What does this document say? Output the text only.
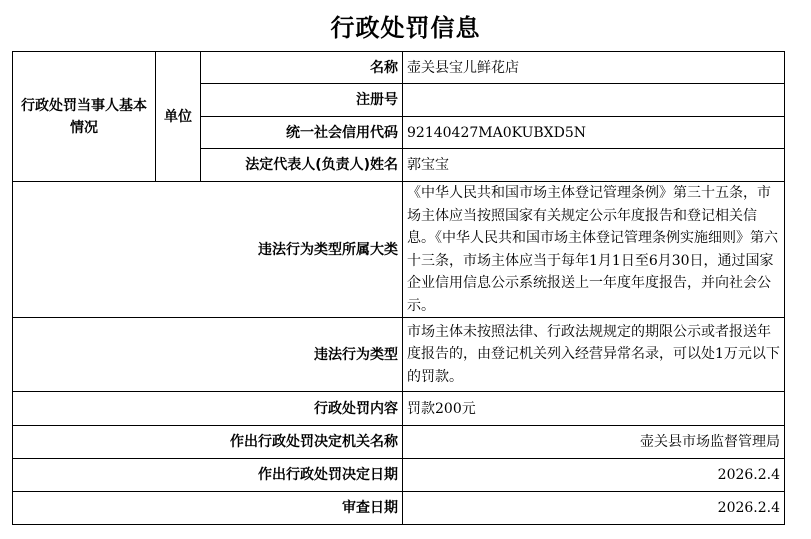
行政处罚信息
行政处罚当事人基本情况	单位	名称	壶关县宝儿鲜花店
		注册号	
		统一社会信用代码	92140427MA0KUBXD5N
		法定代表人(负责人)姓名	郭宝宝
违法行为类型所属大类			《中华人民共和国市场主体登记管理条例》第三十五条，市场主体应当按照国家有关规定公示年度报告和登记相关信息。《中华人民共和国市场主体登记管理条例实施细则》第六十三条，市场主体应当于每年1月1日至6月30日，通过国家企业信用信息公示系统报送上一年度年度报告，并向社会公示。
违法行为类型			市场主体未按照法律、行政法规规定的期限公示或者报送年度报告的，由登记机关列入经营异常名录，可以处1万元以下的罚款。
行政处罚内容			罚款200元
作出行政处罚决定机关名称			壶关县市场监督管理局
作出行政处罚决定日期			2026.2.4
审查日期			2026.2.4
